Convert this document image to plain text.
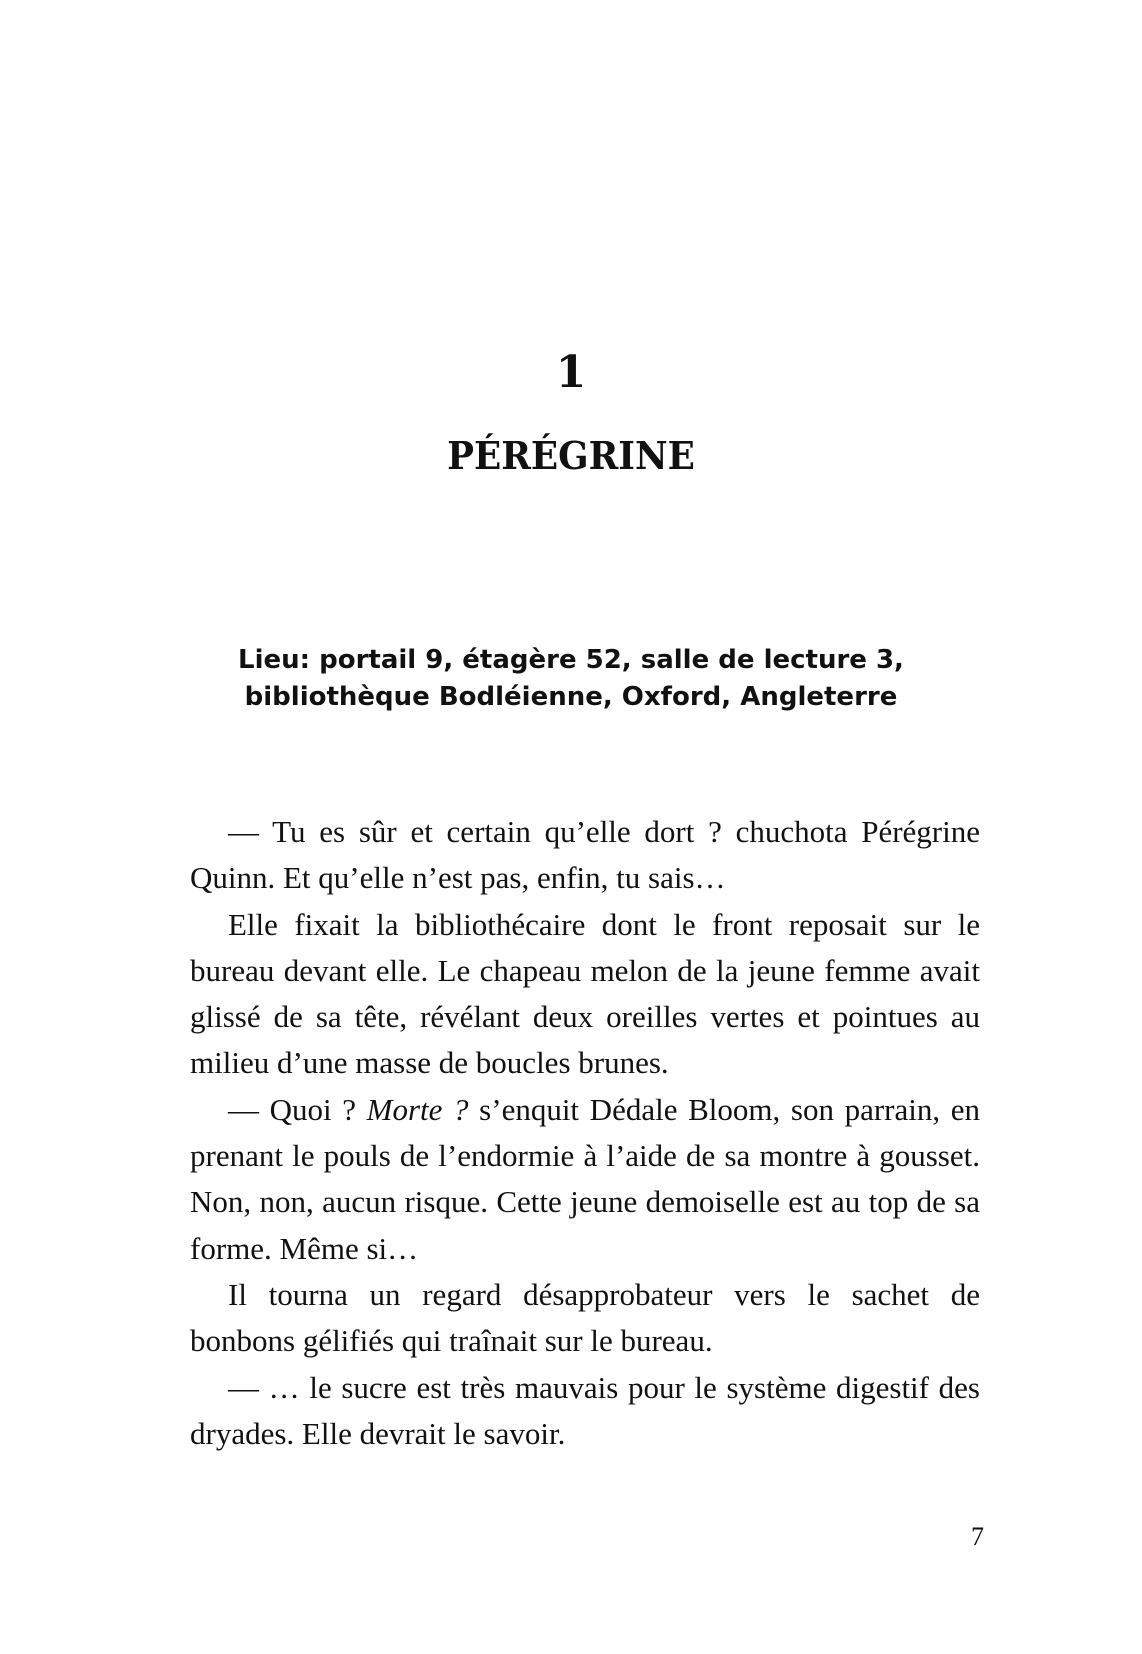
1
PÉRÉGRINE
Lieu: portail 9, étagère 52, salle de lecture 3,
bibliothèque Bodléienne, Oxford, Angleterre

— Tu es sûr et certain qu’elle dort ? chuchota Pérégrine Quinn. Et qu’elle n’est pas, enfin, tu sais…

Elle fixait la bibliothécaire dont le front reposait sur le bureau devant elle. Le chapeau melon de la jeune femme avait glissé de sa tête, révélant deux oreilles vertes et pointues au milieu d’une masse de boucles brunes.

— Quoi ? Morte ? s’enquit Dédale Bloom, son parrain, en prenant le pouls de l’endormie à l’aide de sa montre à gousset. Non, non, aucun risque. Cette jeune demoiselle est au top de sa forme. Même si…

Il tourna un regard désapprobateur vers le sachet de bonbons gélifiés qui traînait sur le bureau.

— … le sucre est très mauvais pour le système digestif des dryades. Elle devrait le savoir.

7
